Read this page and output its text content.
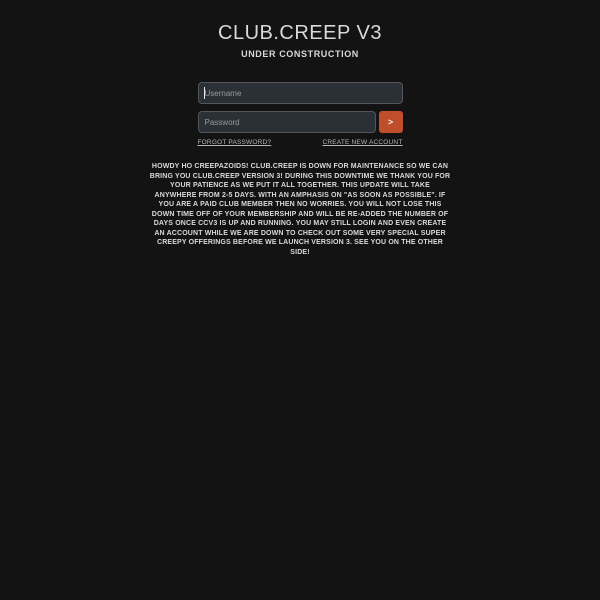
CLUB.CREEP V3
UNDER CONSTRUCTION
Username
>
FORGOT PASSWORD?	CREATE NEW ACCOUNT

HOWDY HO CREEPAZOIDS! CLUB.CREEP IS DOWN FOR MAINTENANCE SO WE CAN BRING YOU CLUB.CREEP VERSION 3! DURING THIS DOWNTIME WE THANK YOU FOR YOUR PATIENCE AS WE PUT IT ALL TOGETHER. THIS UPDATE WILL TAKE ANYWHERE FROM 2-5 DAYS. WITH AN AMPHASIS ON "AS SOON AS POSSIBLE". IF YOU ARE A PAID CLUB MEMBER THEN NO WORRIES. YOU WILL NOT LOSE THIS DOWN TIME OFF OF YOUR MEMBERSHIP AND WILL BE RE-ADDED THE NUMBER OF DAYS ONCE CCV3 IS UP AND RUNNING. YOU MAY STILL LOGIN AND EVEN CREATE AN ACCOUNT WHILE WE ARE DOWN TO CHECK OUT SOME VERY SPECIAL SUPER CREEPY OFFERINGS BEFORE WE LAUNCH VERSION 3. SEE YOU ON THE OTHER SIDE!
